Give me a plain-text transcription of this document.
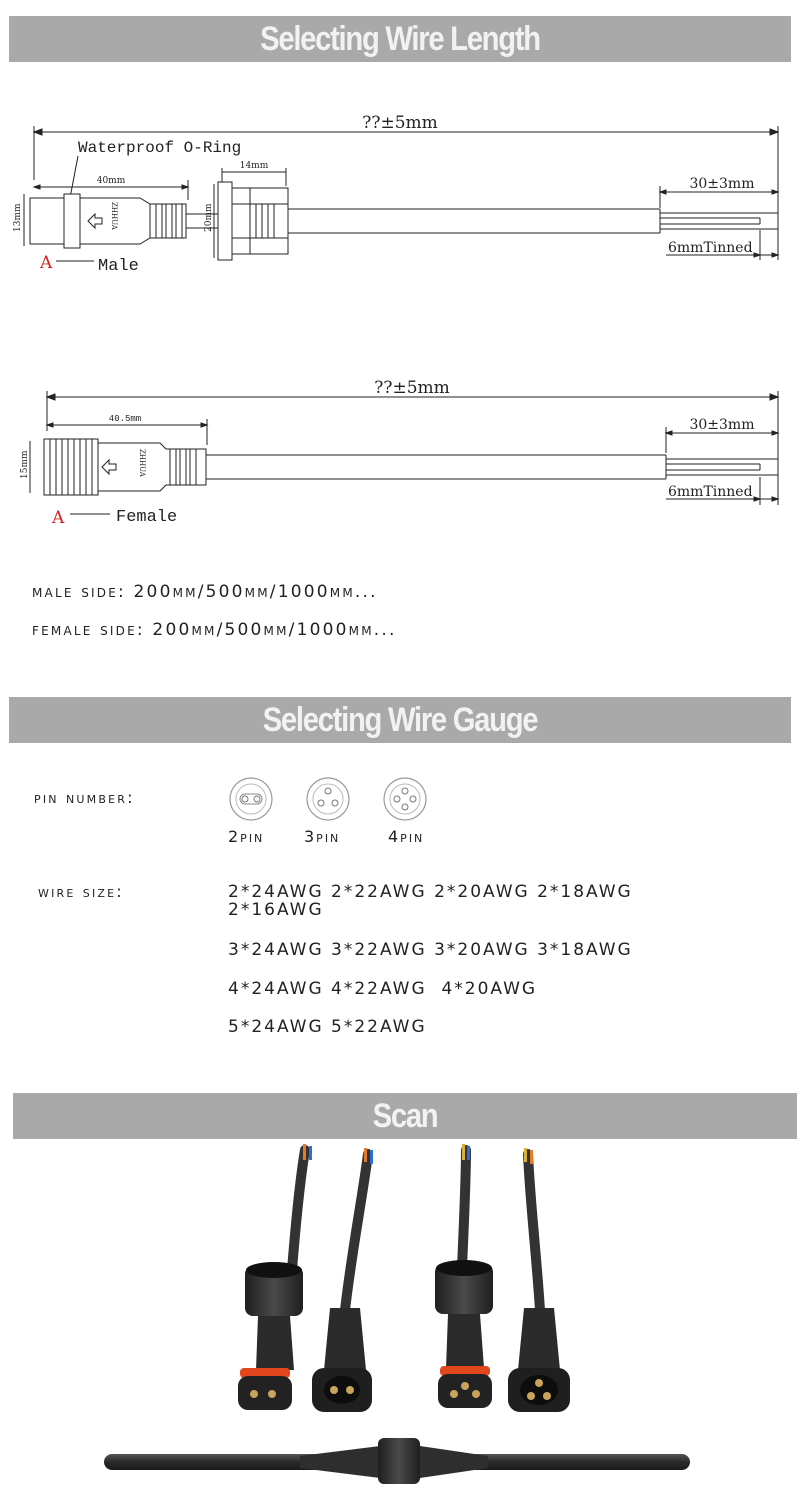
Selecting Wire Length
??±5mm
Waterproof O-Ring
40mm
14mm
13mm	20mm
ZHHUA
30±3mm
6mmTinned
A	Male
??±5mm
40.5mm
15mm	ZHHUA
30±3mm
6mmTinned
A	Female
male side: 200mm/500mm/1000mm...
female side: 200mm/500mm/1000mm...
Selecting Wire Gauge
pin number:
2pin 3pin	4pin
wire size:	2*24AWG 2*22AWG 2*20AWG 2*18AWG 2*16AWG
3*24AWG 3*22AWG 3*20AWG 3*18AWG
4*24AWG 4*22AWG  4*20AWG
5*24AWG 5*22AWG
Scan
